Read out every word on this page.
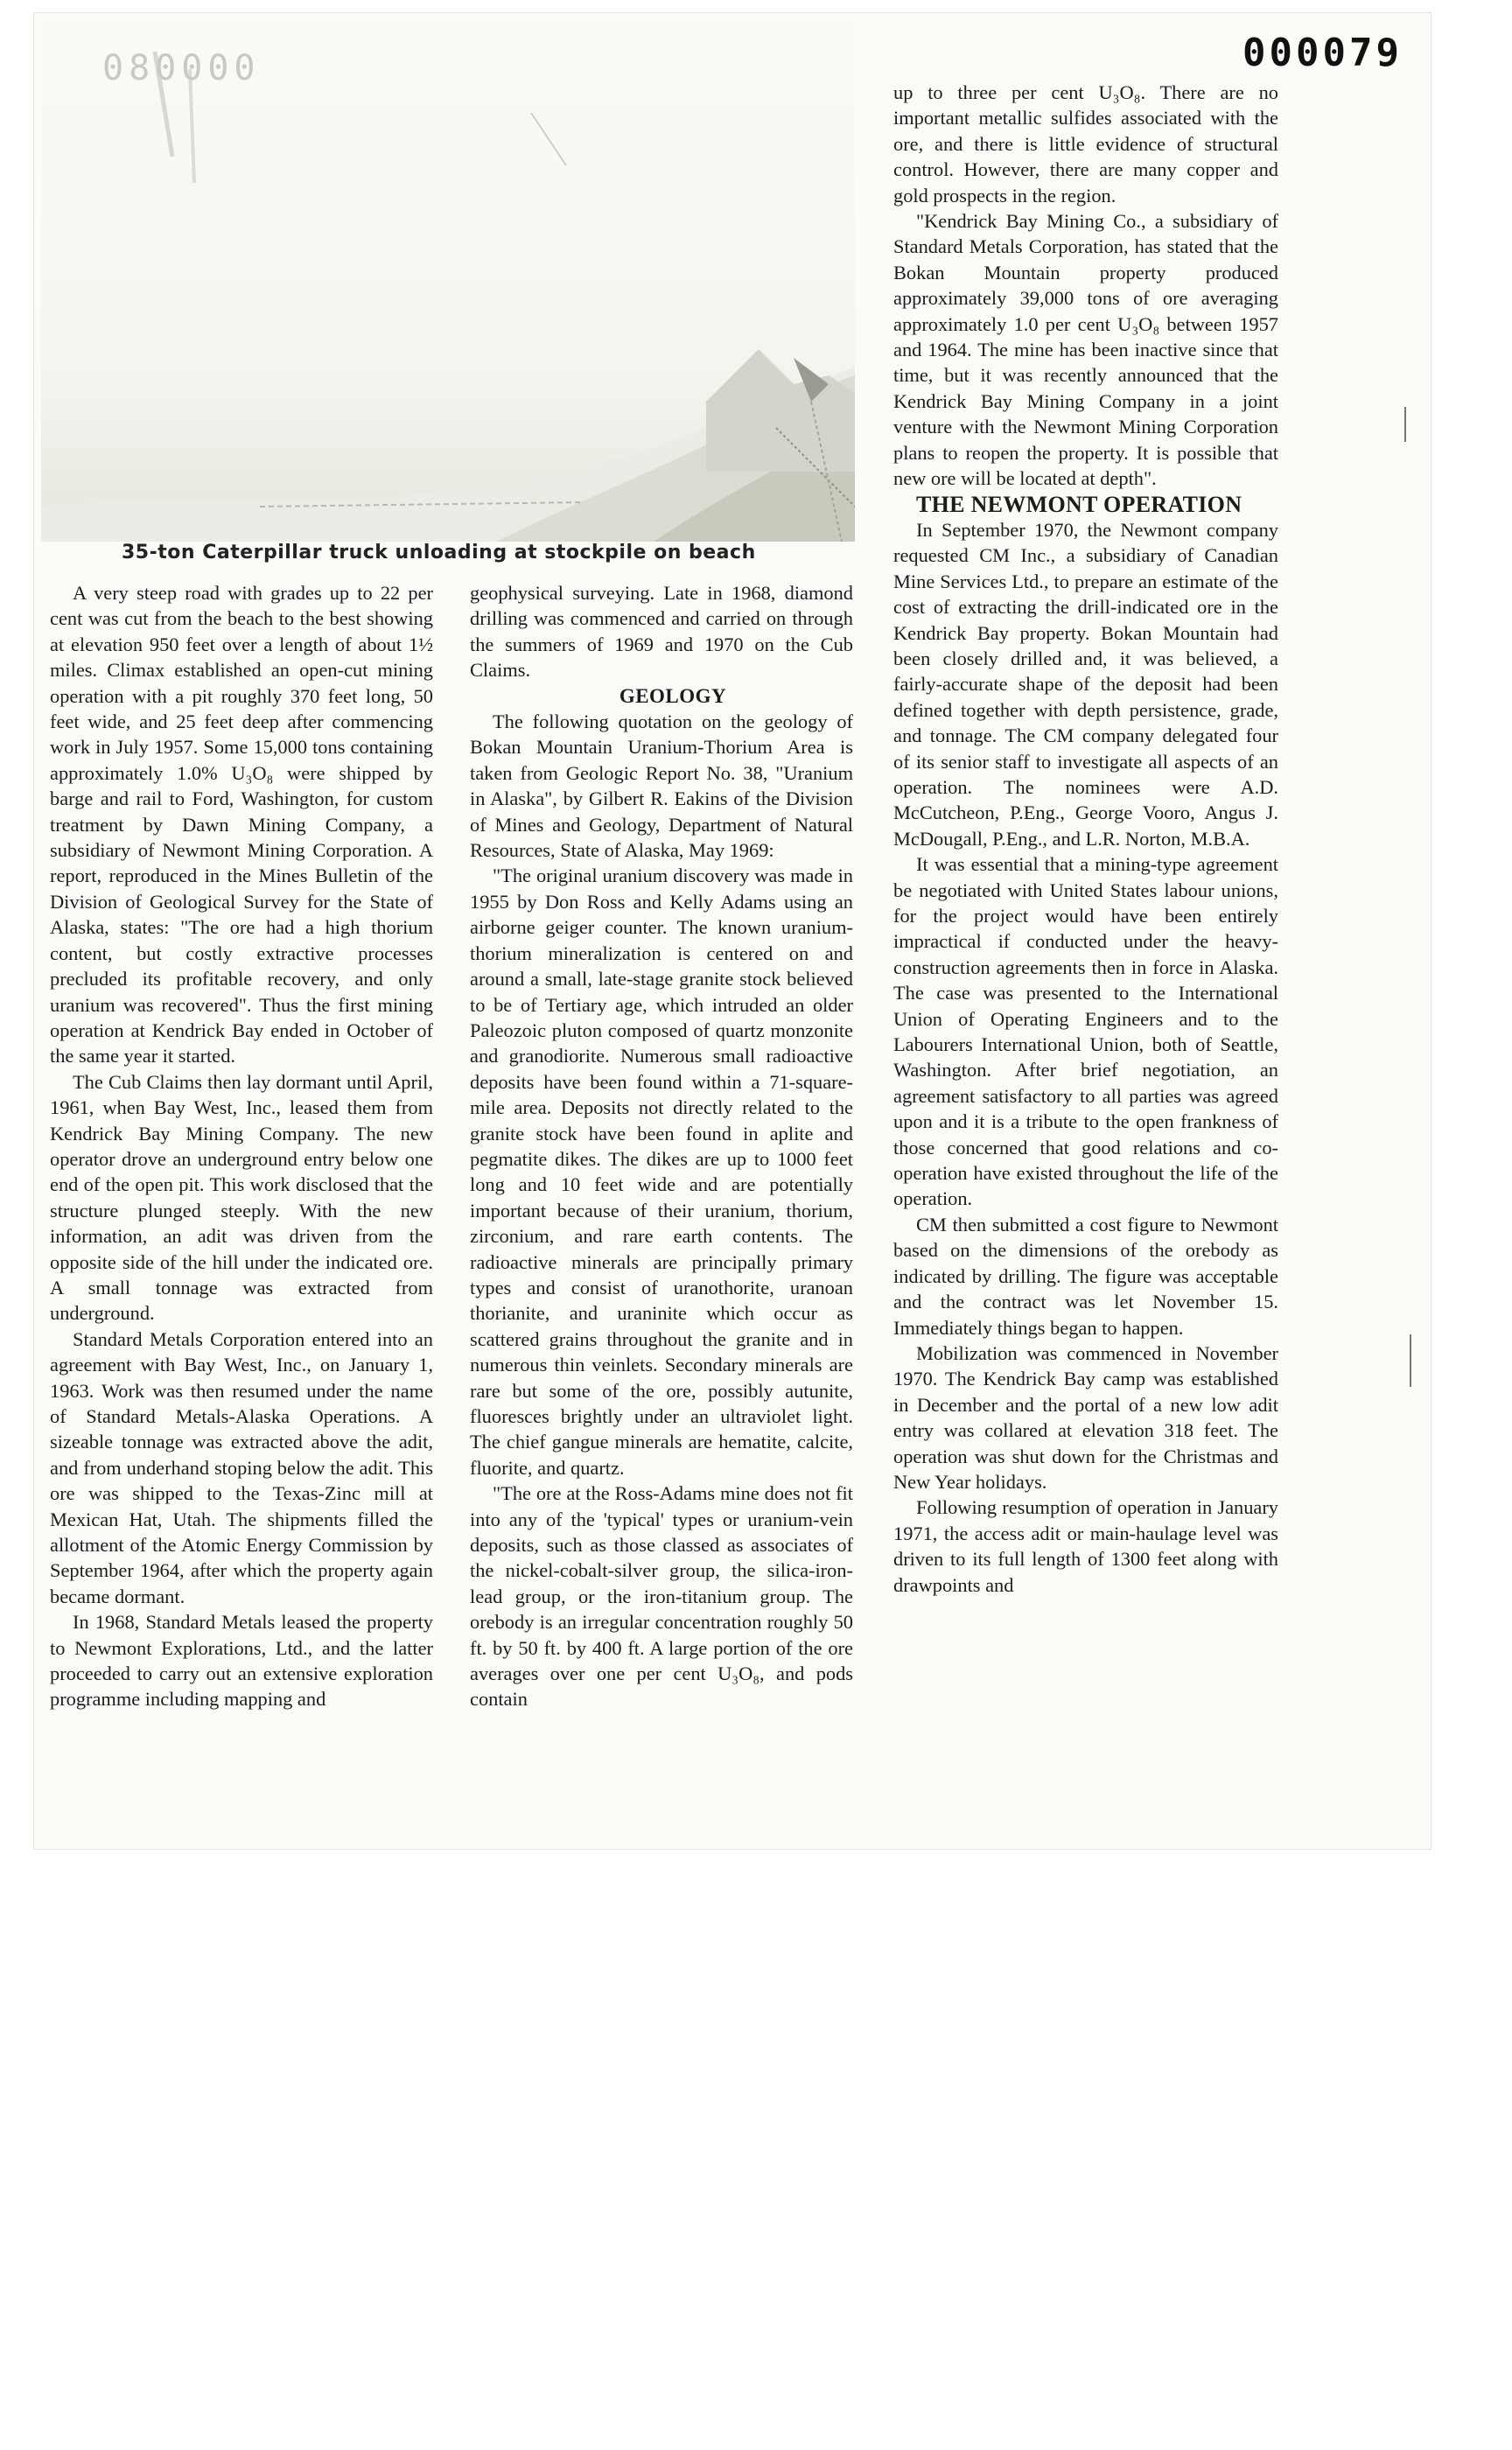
080000	000079
35-ton Caterpillar truck unloading at stockpile on beach

A very steep road with grades up to 22 per cent was cut from the beach to the best showing at elevation 950 feet over a length of about 1½ miles. Climax established an open-cut mining operation with a pit roughly 370 feet long, 50 feet wide, and 25 feet deep after commencing work in July 1957. Some 15,000 tons containing approximately 1.0% U₃O₈ were shipped by barge and rail to Ford, Washington, for custom treatment by Dawn Mining Company, a subsidiary of Newmont Mining Corporation. A report, reproduced in the Mines Bulletin of the Division of Geological Survey for the State of Alaska, states: "The ore had a high thorium content, but costly extractive processes precluded its profitable recovery, and only uranium was recovered". Thus the first mining operation at Kendrick Bay ended in October of the same year it started.

The Cub Claims then lay dormant until April, 1961, when Bay West, Inc., leased them from Kendrick Bay Mining Company. The new operator drove an underground entry below one end of the open pit. This work disclosed that the structure plunged steeply. With the new information, an adit was driven from the opposite side of the hill under the indicated ore. A small tonnage was extracted from underground.

Standard Metals Corporation entered into an agreement with Bay West, Inc., on January 1, 1963. Work was then resumed under the name of Standard Metals-Alaska Operations. A sizeable tonnage was extracted above the adit, and from underhand stoping below the adit. This ore was shipped to the Texas-Zinc mill at Mexican Hat, Utah. The shipments filled the allotment of the Atomic Energy Commission by September 1964, after which the property again became dormant.

In 1968, Standard Metals leased the property to Newmont Explorations, Ltd., and the latter proceeded to carry out an extensive exploration programme including mapping and

geophysical surveying. Late in 1968, diamond drilling was commenced and carried on through the summers of 1969 and 1970 on the Cub Claims.

GEOLOGY

The following quotation on the geology of Bokan Mountain Uranium-Thorium Area is taken from Geologic Report No. 38, "Uranium in Alaska", by Gilbert R. Eakins of the Division of Mines and Geology, Department of Natural Resources, State of Alaska, May 1969:

"The original uranium discovery was made in 1955 by Don Ross and Kelly Adams using an airborne geiger counter. The known uranium-thorium mineralization is centered on and around a small, late-stage granite stock believed to be of Tertiary age, which intruded an older Paleozoic pluton composed of quartz monzonite and granodiorite. Numerous small radioactive deposits have been found within a 71-square-mile area. Deposits not directly related to the granite stock have been found in aplite and pegmatite dikes. The dikes are up to 1000 feet long and 10 feet wide and are potentially important because of their uranium, thorium, zirconium, and rare earth contents. The radioactive minerals are principally primary types and consist of uranothorite, uranoan thorianite, and uraninite which occur as scattered grains throughout the granite and in numerous thin veinlets. Secondary minerals are rare but some of the ore, possibly autunite, fluoresces brightly under an ultraviolet light. The chief gangue minerals are hematite, calcite, fluorite, and quartz.

"The ore at the Ross-Adams mine does not fit into any of the 'typical' types or uranium-vein deposits, such as those classed as associates of the nickel-cobalt-silver group, the silica-iron-lead group, or the iron-titanium group. The orebody is an irregular concentration roughly 50 ft. by 50 ft. by 400 ft. A large portion of the ore averages over one per cent U₃O₈, and pods contain

up to three per cent U₃O₈. There are no important metallic sulfides associated with the ore, and there is little evidence of structural control. However, there are many copper and gold prospects in the region.

"Kendrick Bay Mining Co., a subsidiary of Standard Metals Corporation, has stated that the Bokan Mountain property produced approximately 39,000 tons of ore averaging approximately 1.0 per cent U₃O₈ between 1957 and 1964. The mine has been inactive since that time, but it was recently announced that the Kendrick Bay Mining Company in a joint venture with the Newmont Mining Corporation plans to reopen the property. It is possible that new ore will be located at depth".

THE NEWMONT OPERATION

In September 1970, the Newmont company requested CM Inc., a subsidiary of Canadian Mine Services Ltd., to prepare an estimate of the cost of extracting the drill-indicated ore in the Kendrick Bay property. Bokan Mountain had been closely drilled and, it was believed, a fairly-accurate shape of the deposit had been defined together with depth persistence, grade, and tonnage. The CM company delegated four of its senior staff to investigate all aspects of an operation. The nominees were A.D. McCutcheon, P.Eng., George Vooro, Angus J. McDougall, P.Eng., and L.R. Norton, M.B.A.

It was essential that a mining-type agreement be negotiated with United States labour unions, for the project would have been entirely impractical if conducted under the heavy-construction agreements then in force in Alaska. The case was presented to the International Union of Operating Engineers and to the Labourers International Union, both of Seattle, Washington. After brief negotiation, an agreement satisfactory to all parties was agreed upon and it is a tribute to the open frankness of those concerned that good relations and co-operation have existed throughout the life of the operation.

CM then submitted a cost figure to Newmont based on the dimensions of the orebody as indicated by drilling. The figure was acceptable and the contract was let November 15. Immediately things began to happen.

Mobilization was commenced in November 1970. The Kendrick Bay camp was established in December and the portal of a new low adit entry was collared at elevation 318 feet. The operation was shut down for the Christmas and New Year holidays.

Following resumption of operation in January 1971, the access adit or main-haulage level was driven to its full length of 1300 feet along with drawpoints and
